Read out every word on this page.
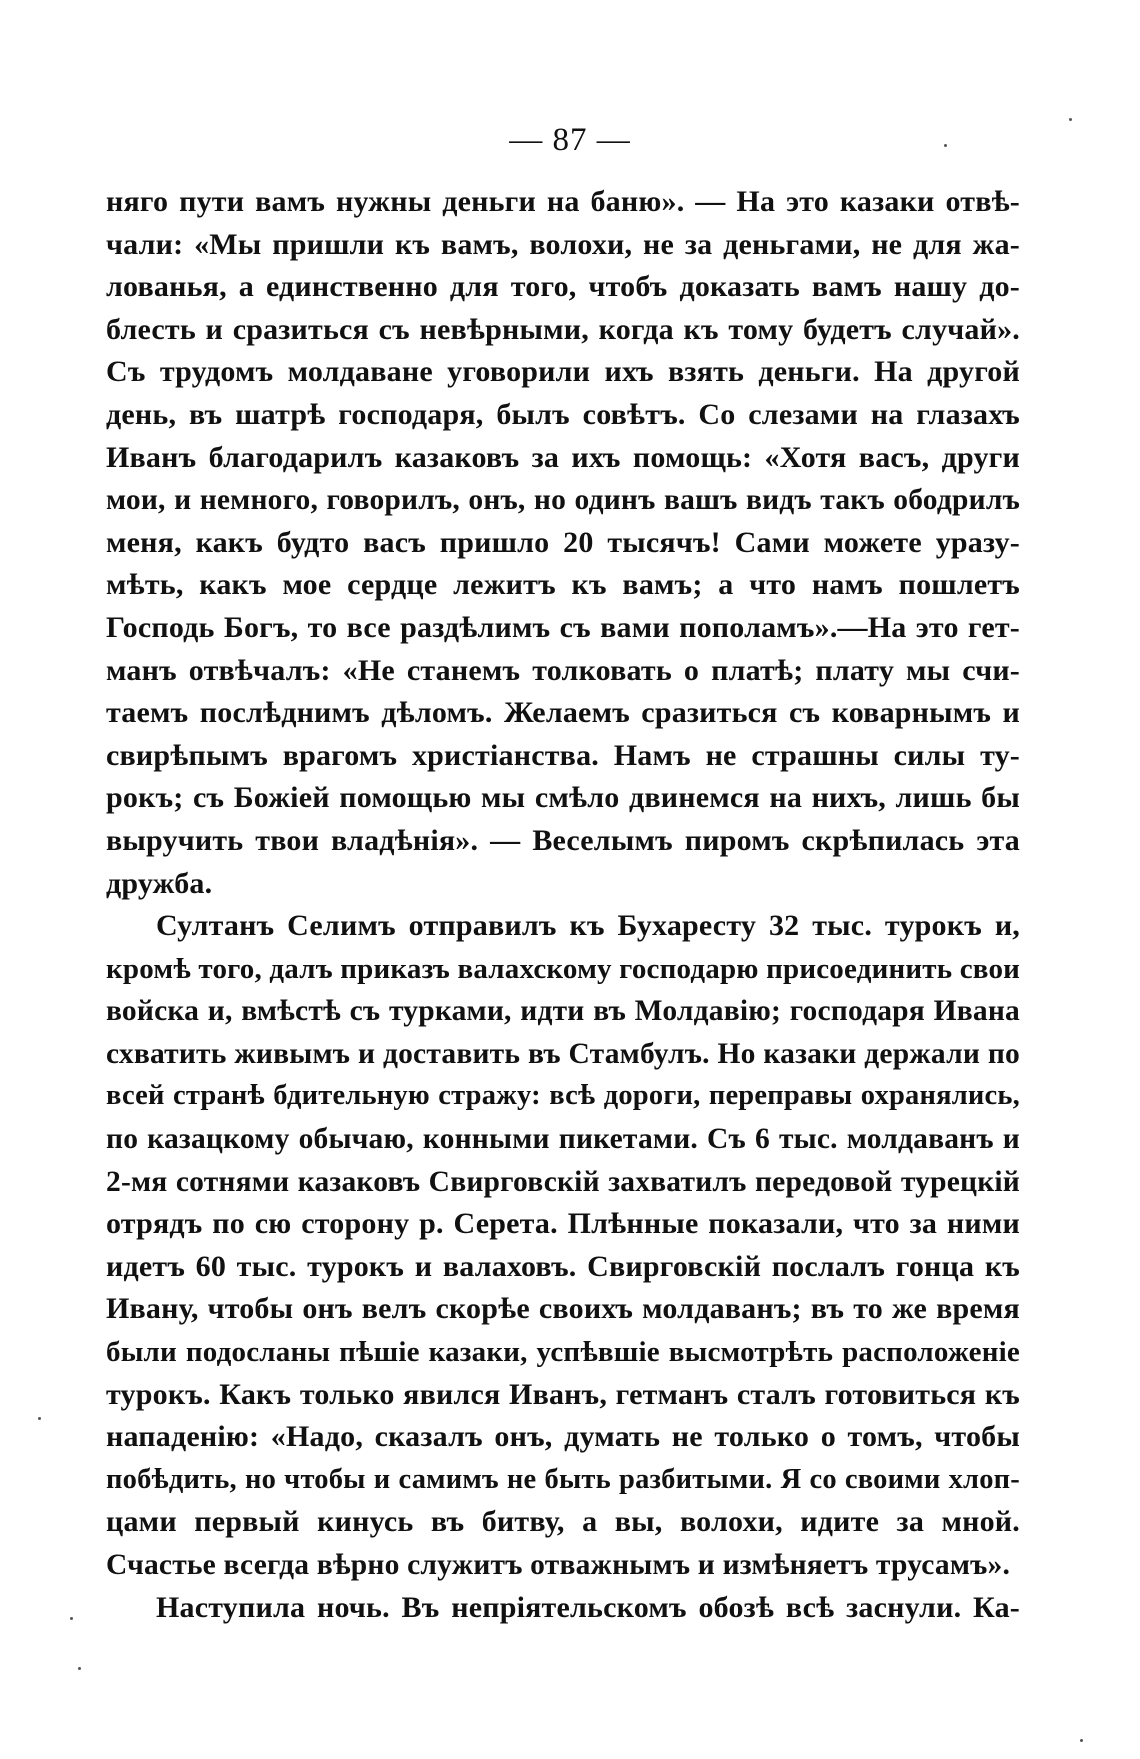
— 87 —
няго пути вамъ нужны деньги на баню». — На это казаки отвѣ-
чали: «Мы пришли къ вамъ, волохи, не за деньгами, не для жа-
лованья, а единственно для того, чтобъ доказать вамъ нашу до-
блесть и сразиться съ невѣрными, когда къ тому будетъ случай».
Съ трудомъ молдаване уговорили ихъ взять деньги. На другой
день, въ шатрѣ господаря, былъ совѣтъ. Со слезами на глазахъ
Иванъ благодарилъ казаковъ за ихъ помощь: «Хотя васъ, други
мои, и немного, говорилъ, онъ, но одинъ вашъ видъ такъ ободрилъ
меня, какъ будто васъ пришло 20 тысячъ! Сами можете уразу-
мѣть, какъ мое сердце лежитъ къ вамъ; а что намъ пошлетъ
Господь Богъ, то все раздѣлимъ съ вами пополамъ».—На это гет-
манъ отвѣчалъ: «Не станемъ толковать о платѣ; плату мы счи-
таемъ послѣднимъ дѣломъ. Желаемъ сразиться съ коварнымъ и
свирѣпымъ врагомъ христіанства. Намъ не страшны силы ту-
рокъ; съ Божіей помощью мы смѣло двинемся на нихъ, лишь бы
выручить твои владѣнія». — Веселымъ пиромъ скрѣпилась эта
дружба.
Султанъ Селимъ отправилъ къ Бухаресту 32 тыс. турокъ и,
кромѣ того, далъ приказъ валахскому господарю присоединить свои
войска и, вмѣстѣ съ турками, идти въ Молдавію; господаря Ивана
схватить живымъ и доставить въ Стамбулъ. Но казаки держали по
всей странѣ бдительную стражу: всѣ дороги, переправы охранялись,
по казацкому обычаю, конными пикетами. Съ 6 тыс. молдаванъ и
2-мя сотнями казаковъ Свирговскій захватилъ передовой турецкій
отрядъ по сю сторону р. Серета. Плѣнные показали, что за ними
идетъ 60 тыс. турокъ и валаховъ. Свирговскій послалъ гонца къ
Ивану, чтобы онъ велъ скорѣе своихъ молдаванъ; въ то же время
были подосланы пѣшіе казаки, успѣвшіе высмотрѣть расположеніе
турокъ. Какъ только явился Иванъ, гетманъ сталъ готовиться къ
нападенію: «Надо, сказалъ онъ, думать не только о томъ, чтобы
побѣдить, но чтобы и самимъ не быть разбитыми. Я со своими хлоп-
цами первый кинусь въ битву, а вы, волохи, идите за мной.
Счастье всегда вѣрно служитъ отважнымъ и измѣняетъ трусамъ».
Наступила ночь. Въ непріятельскомъ обозѣ всѣ заснули. Ка-
